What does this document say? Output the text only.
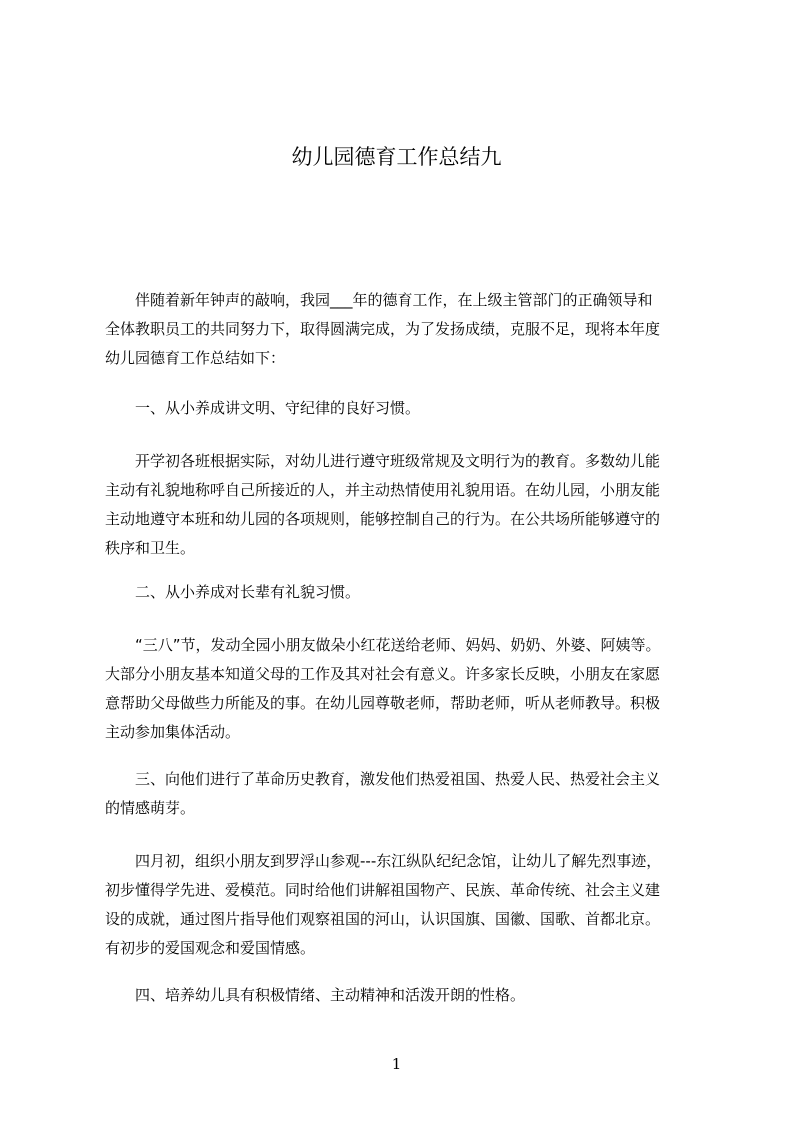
幼儿园德育工作总结九
　　伴随着新年钟声的敲响，我园___年的德育工作，在上级主管部门的正确领导和
全体教职员工的共同努力下，取得圆满完成，为了发扬成绩，克服不足，现将本年度
幼儿园德育工作总结如下：
　　一、从小养成讲文明、守纪律的良好习惯。
　　开学初各班根据实际，对幼儿进行遵守班级常规及文明行为的教育。多数幼儿能
主动有礼貌地称呼自己所接近的人，并主动热情使用礼貌用语。在幼儿园，小朋友能
主动地遵守本班和幼儿园的各项规则，能够控制自己的行为。在公共场所能够遵守的
秩序和卫生。
　　二、从小养成对长辈有礼貌习惯。
　　“三八”节，发动全园小朋友做朵小红花送给老师、妈妈、奶奶、外婆、阿姨等。
大部分小朋友基本知道父母的工作及其对社会有意义。许多家长反映，小朋友在家愿
意帮助父母做些力所能及的事。在幼儿园尊敬老师，帮助老师，听从老师教导。积极
主动参加集体活动。
　　三、向他们进行了革命历史教育，激发他们热爱祖国、热爱人民、热爱社会主义
的情感萌芽。
　　四月初，组织小朋友到罗浮山参观---东江纵队纪纪念馆，让幼儿了解先烈事迹，
初步懂得学先进、爱模范。同时给他们讲解祖国物产、民族、革命传统、社会主义建
设的成就，通过图片指导他们观察祖国的河山，认识国旗、国徽、国歌、首都北京。
有初步的爱国观念和爱国情感。
　　四、培养幼儿具有积极情绪、主动精神和活泼开朗的性格。
1
